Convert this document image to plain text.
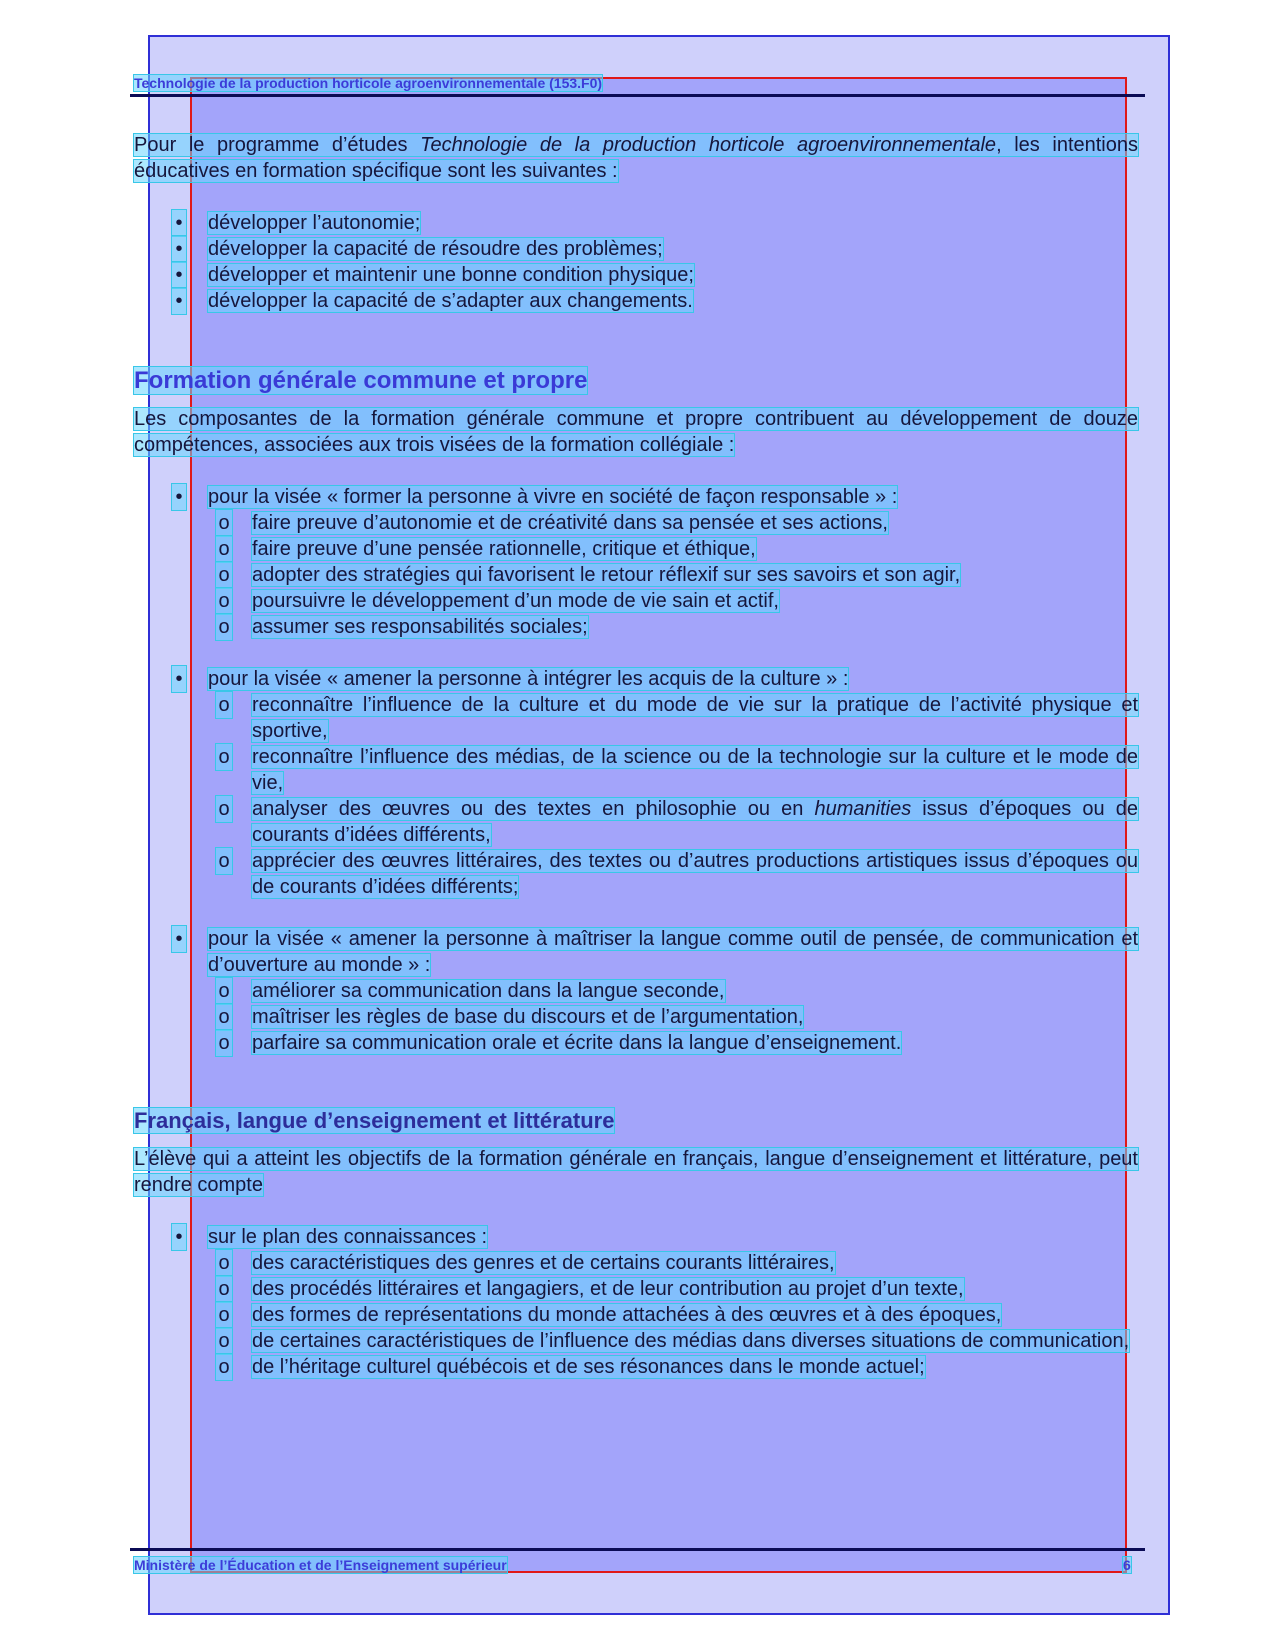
Technologie de la production horticole agroenvironnementale (153.F0)

Pour le programme d’études Technologie de la production horticole agroenvironnementale, les intentions éducatives en formation spécifique sont les suivantes :

• développer l’autonomie;
• développer la capacité de résoudre des problèmes;
• développer et maintenir une bonne condition physique;
• développer la capacité de s’adapter aux changements.
Formation générale commune et propre

Les composantes de la formation générale commune et propre contribuent au développement de douze compétences, associées aux trois visées de la formation collégiale :

• pour la visée « former la personne à vivre en société de façon responsable » :
o faire preuve d’autonomie et de créativité dans sa pensée et ses actions,
o faire preuve d’une pensée rationnelle, critique et éthique,
o adopter des stratégies qui favorisent le retour réflexif sur ses savoirs et son agir,
o poursuivre le développement d’un mode de vie sain et actif,
o assumer ses responsabilités sociales;
• pour la visée « amener la personne à intégrer les acquis de la culture » :
o reconnaître l’influence de la culture et du mode de vie sur la pratique de l’activité physique et sportive,
o reconnaître l’influence des médias, de la science ou de la technologie sur la culture et le mode de vie,
o analyser des œuvres ou des textes en philosophie ou en humanities issus d’époques ou de courants d’idées différents,
o apprécier des œuvres littéraires, des textes ou d’autres productions artistiques issus d’époques ou de courants d’idées différents;
• pour la visée « amener la personne à maîtriser la langue comme outil de pensée, de communication et d’ouverture au monde » :
o améliorer sa communication dans la langue seconde,
o maîtriser les règles de base du discours et de l’argumentation,
o parfaire sa communication orale et écrite dans la langue d’enseignement.
Français, langue d’enseignement et littérature

L’élève qui a atteint les objectifs de la formation générale en français, langue d’enseignement et littérature, peut rendre compte

• sur le plan des connaissances :
o des caractéristiques des genres et de certains courants littéraires,
o des procédés littéraires et langagiers, et de leur contribution au projet d’un texte,
o des formes de représentations du monde attachées à des œuvres et à des époques,
o de certaines caractéristiques de l’influence des médias dans diverses situations de communication,
o de l’héritage culturel québécois et de ses résonances dans le monde actuel;
Ministère de l’Éducation et de l’Enseignement supérieur	6
